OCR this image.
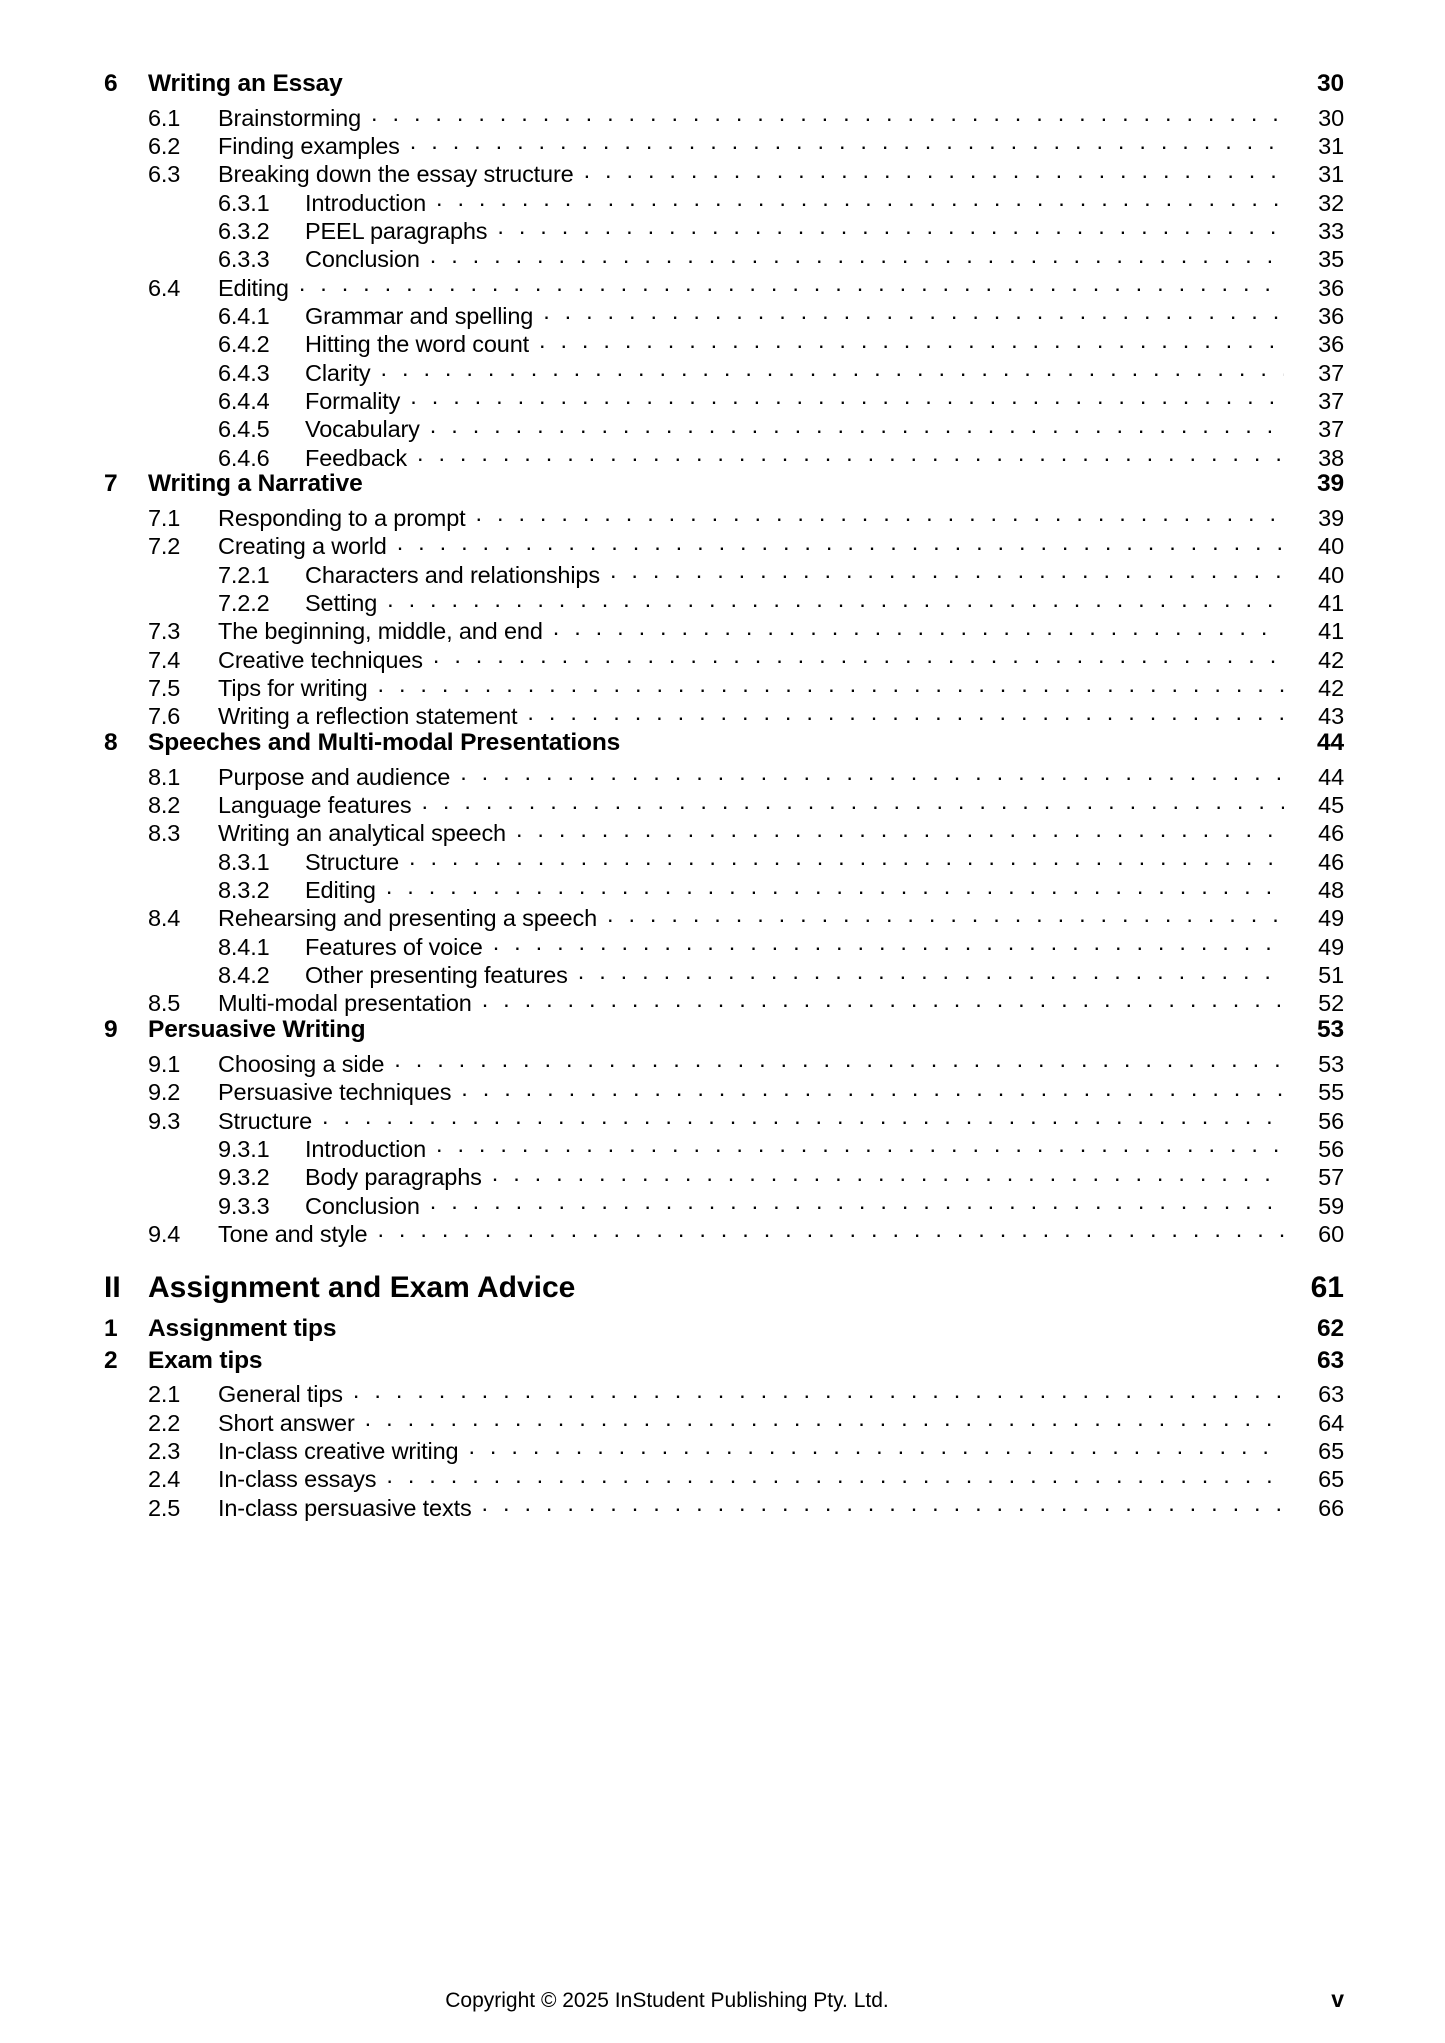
6	Writing an Essay	30
6.1	Brainstorming . . .	30
6.2	Finding examples . . .	31
6.3	Breaking down the essay structure . . .	31
6.3.1	Introduction . . .	32
6.3.2	PEEL paragraphs . . .	33
6.3.3	Conclusion . . .	35
6.4	Editing . . .	36
6.4.1	Grammar and spelling . . .	36
6.4.2	Hitting the word count . . .	36
6.4.3	Clarity . . .	37
6.4.4	Formality . . .	37
6.4.5	Vocabulary . . .	37
6.4.6	Feedback . . .	38
7	Writing a Narrative	39
7.1	Responding to a prompt . . .	39
7.2	Creating a world . . .	40
7.2.1	Characters and relationships . . .	40
7.2.2	Setting . . .	41
7.3	The beginning, middle, and end . . .	41
7.4	Creative techniques . . .	42
7.5	Tips for writing . . .	42
7.6	Writing a reflection statement . . .	43
8	Speeches and Multi-modal Presentations	44
8.1	Purpose and audience . . .	44
8.2	Language features . . .	45
8.3	Writing an analytical speech . . .	46
8.3.1	Structure . . .	46
8.3.2	Editing . . .	48
8.4	Rehearsing and presenting a speech . . .	49
8.4.1	Features of voice . . .	49
8.4.2	Other presenting features . . .	51
8.5	Multi-modal presentation . . .	52
9	Persuasive Writing	53
9.1	Choosing a side . . .	53
9.2	Persuasive techniques . . .	55
9.3	Structure . . .	56
9.3.1	Introduction . . .	56
9.3.2	Body paragraphs . . .	57
9.3.3	Conclusion . . .	59
9.4	Tone and style . . .	60
II Assignment and Exam Advice	61
1	Assignment tips	62
2	Exam tips	63
2.1	General tips . . .	63
2.2	Short answer . . .	64
2.3	In-class creative writing . . .	65
2.4	In-class essays . . .	65
2.5	In-class persuasive texts . . .	66
Copyright © 2025 InStudent Publishing Pty. Ltd.	v
